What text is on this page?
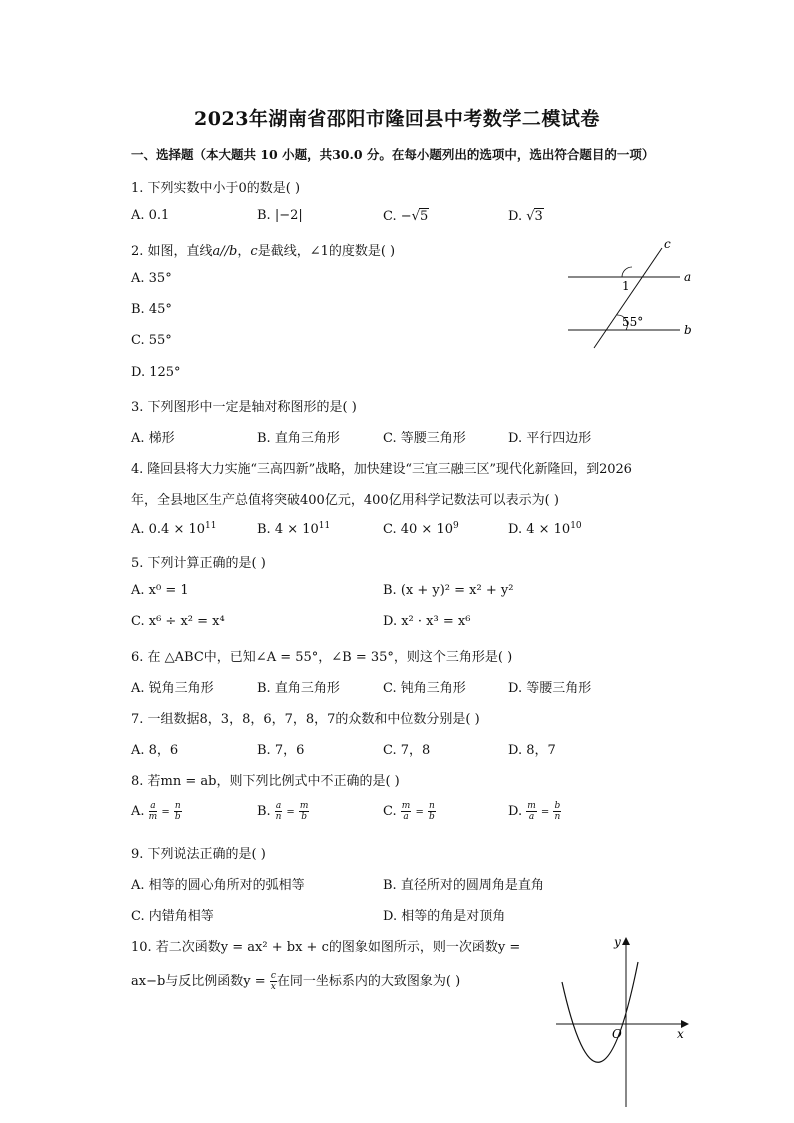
2023年湖南省邵阳市隆回县中考数学二模试卷
一、选择题（本大题共 10 小题，共30.0 分。在每小题列出的选项中，选出符合题目的一项）
1. 下列实数中小于0的数是( )
A. 0.1	B. |−2|	C. −√5	D. √3
2. 如图，直线a//b，c是截线，∠1的度数是( )
A. 35°
B. 45°
C. 55°
D. 125°
c
a
b
1
55°
3. 下列图形中一定是轴对称图形的是( )
A. 梯形	B. 直角三角形	C. 等腰三角形	D. 平行四边形
4. 隆回县将大力实施“三高四新”战略，加快建设“三宜三融三区”现代化新隆回，到2026
年，全县地区生产总值将突破400亿元，400亿用科学记数法可以表示为( )
A. $0.4 \times 10^{11}$	B. $4 \times 10^{11}$	C. $40 \times 10^9$	D. $4 \times 10^{10}$
5. 下列计算正确的是( )
A. x⁰ = 1	B. (x + y)² = x² + y²
C. x⁶ ÷ x² = x⁴	D. x² · x³ = x⁶
6. 在 △ABC中，已知∠A = 55°，∠B = 35°，则这个三角形是( )
A. 锐角三角形	B. 直角三角形	C. 钝角三角形	D. 等腰三角形
7. 一组数据8，3，8，6，7，8，7的众数和中位数分别是( )
A. 8，6	B. 7，6	C. 7，8	D. 8，7
8. 若mn = ab，则下列比例式中不正确的是( )
A. $\frac{a}{m} = \frac{n}{b}$	B. $\frac{a}{n} = \frac{m}{b}$	C. $\frac{m}{a} = \frac{n}{b}$	D. $\frac{m}{a} = \frac{b}{n}$
9. 下列说法正确的是( )
A. 相等的圆心角所对的弧相等	B. 直径所对的圆周角是直角
C. 内错角相等	D. 相等的角是对顶角
10. 若二次函数y = ax² + bx + c的图象如图所示，则一次函数y =
ax−b与反比例函数$y = \frac{c}{x}$ 在同一坐标系内的大致图象为( )
y
x
O
